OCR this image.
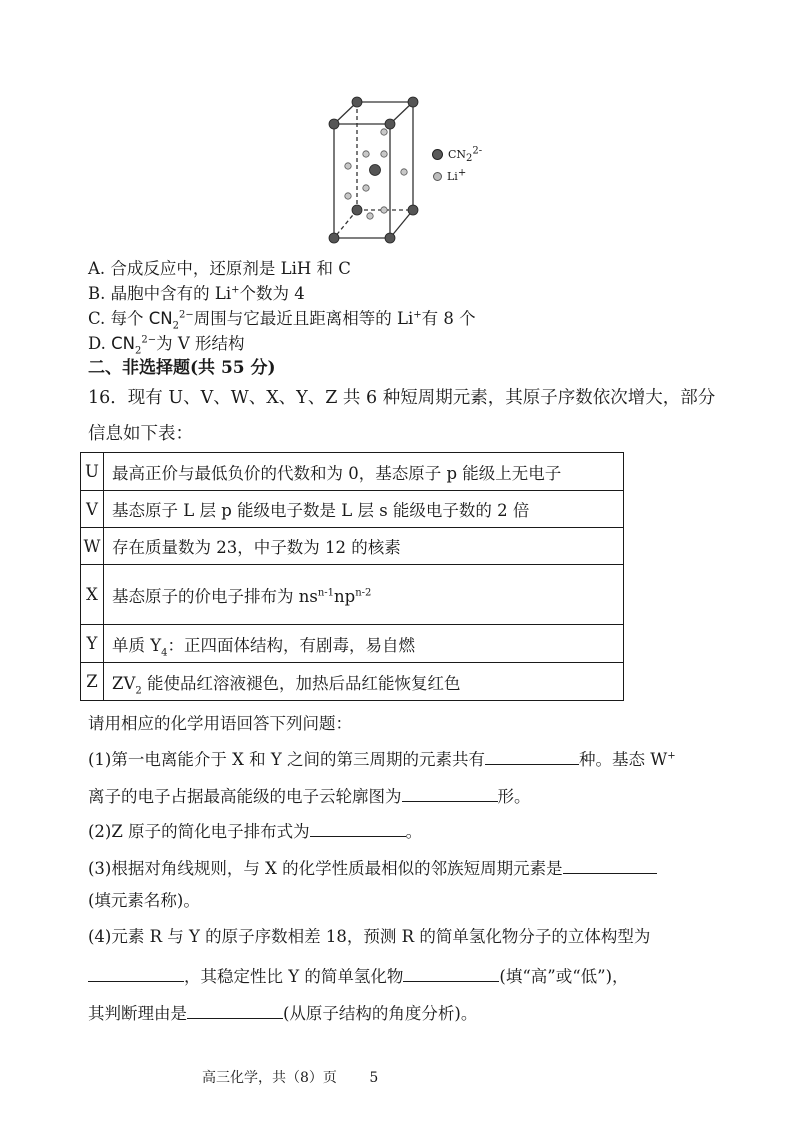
$CN_2^{2-}$
Li+
A. 合成反应中，还原剂是 LiH 和 C
B. 晶胞中含有的 Li+个数为 4
C. 每个 $CN_2^{2-}$周围与它最近且距离相等的 Li+有 8 个
D. $CN_2^{2-}$为 V 形结构
二、非选择题(共 55 分)
16．现有 U、V、W、X、Y、Z 共 6 种短周期元素，其原子序数依次增大，部分
信息如下表：
U	最高正价与最低负价的代数和为 0，基态原子 p 能级上无电子
V	基态原子 L 层 p 能级电子数是 L 层 s 能级电子数的 2 倍
W	存在质量数为 23，中子数为 12 的核素
X	基态原子的价电子排布为 $ns^{n-1}np^{n-2}$
Y	单质 $Y_4$：正四面体结构，有剧毒，易自燃
Z	$ZV_2$ 能使品红溶液褪色，加热后品红能恢复红色
请用相应的化学用语回答下列问题：
(1)第一电离能介于 X 和 Y 之间的第三周期的元素共有	种。基态 W+
离子的电子占据最高能级的电子云轮廓图为	形。
(2)Z 原子的简化电子排布式为	。
(3)根据对角线规则，与 X 的化学性质最相似的邻族短周期元素是
(填元素名称)。
(4)元素 R 与 Y 的原子序数相差 18，预测 R 的简单氢化物分子的立体构型为
，其稳定性比 Y 的简单氢化物	(填“高”或“低”)，
其判断理由是	(从原子结构的角度分析)。
高三化学，共（8）页 5
